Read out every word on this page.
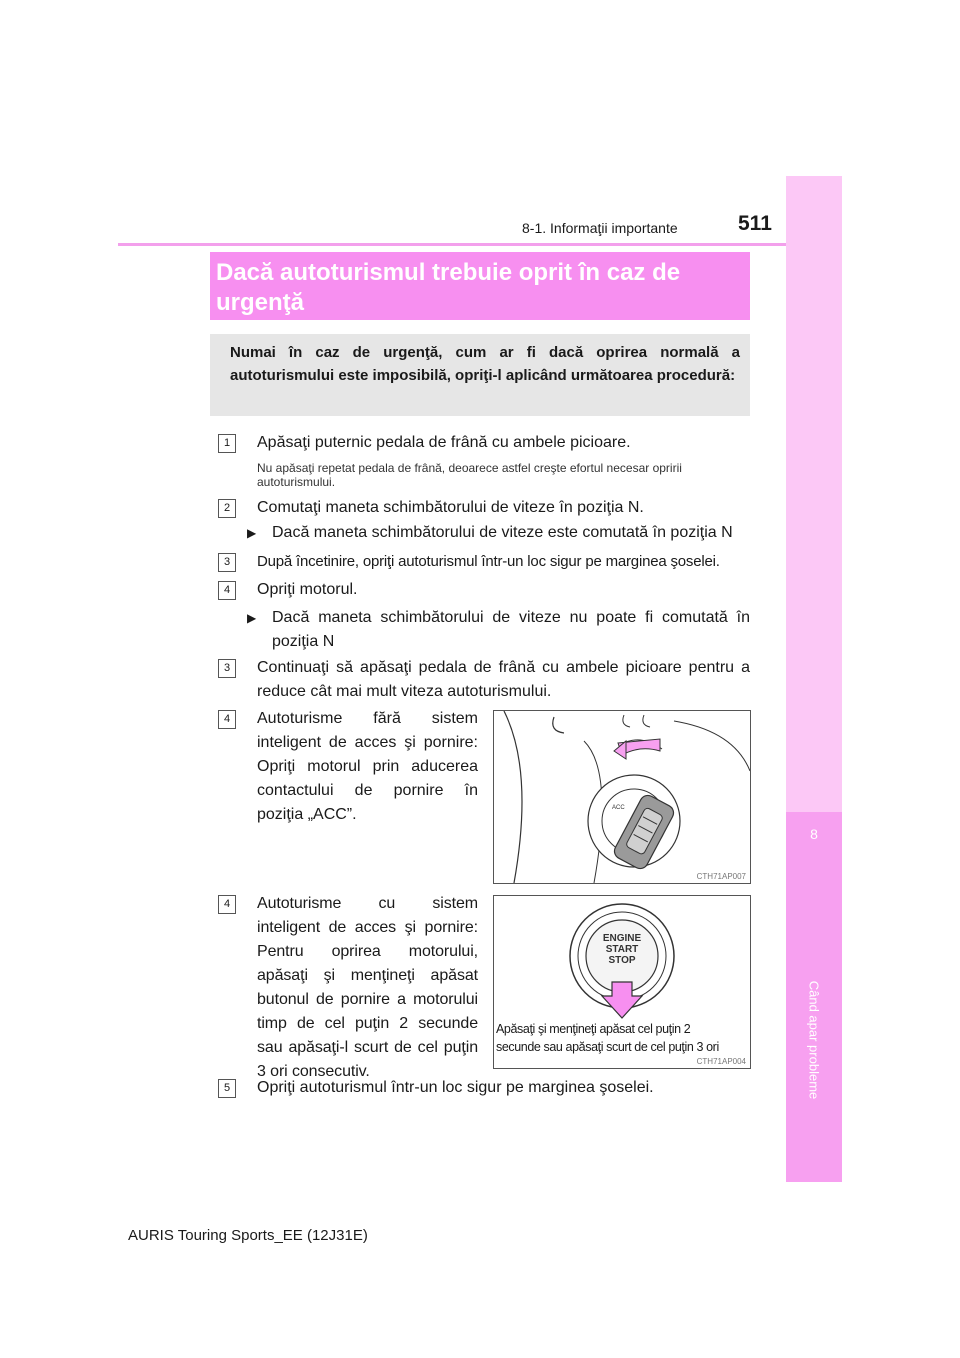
8-1. Informaţii importante	511
8
Când apar probleme
Dacă autoturismul trebuie oprit în caz de urgenţă
Numai în caz de urgenţă, cum ar fi dacă oprirea normală a autoturismului este imposibilă, opriţi-l aplicând următoarea procedură:
1	Apăsaţi puternic pedala de frână cu ambele picioare.
Nu apăsaţi repetat pedala de frână, deoarece astfel creşte efortul necesar opririi autoturismului.
2	Comutaţi maneta schimbătorului de viteze în poziţia N.
▶ Dacă maneta schimbătorului de viteze este comutată în poziţia N
3	După încetinire, opriţi autoturismul într-un loc sigur pe marginea şoselei.
4	Opriţi motorul.
▶ Dacă maneta schimbătorului de viteze nu poate fi comutată în poziţia N
3	Continuaţi să apăsaţi pedala de frână cu ambele picioare pentru a reduce cât mai mult viteza autoturismului.
4	Autoturisme fără sistem inteligent de acces şi pornire: Opriţi motorul prin aducerea contactului de pornire în poziţia „ACC”.	ACC
CTH71AP007
4	Autoturisme cu sistem inteligent de acces şi pornire: Pentru oprirea motorului, apăsaţi şi menţineţi apăsat butonul de pornire a motorului timp de cel puţin 2 secunde sau apăsaţi-l scurt de cel puţin 3 ori consecutiv.
ENGINE
START
STOP
Apăsaţi şi menţineţi apăsat cel puţin 2
secunde sau apăsaţi scurt de cel puţin 3 ori
CTH71AP004
5	Opriţi autoturismul într-un loc sigur pe marginea şoselei.
AURIS Touring Sports_EE (12J31E)
